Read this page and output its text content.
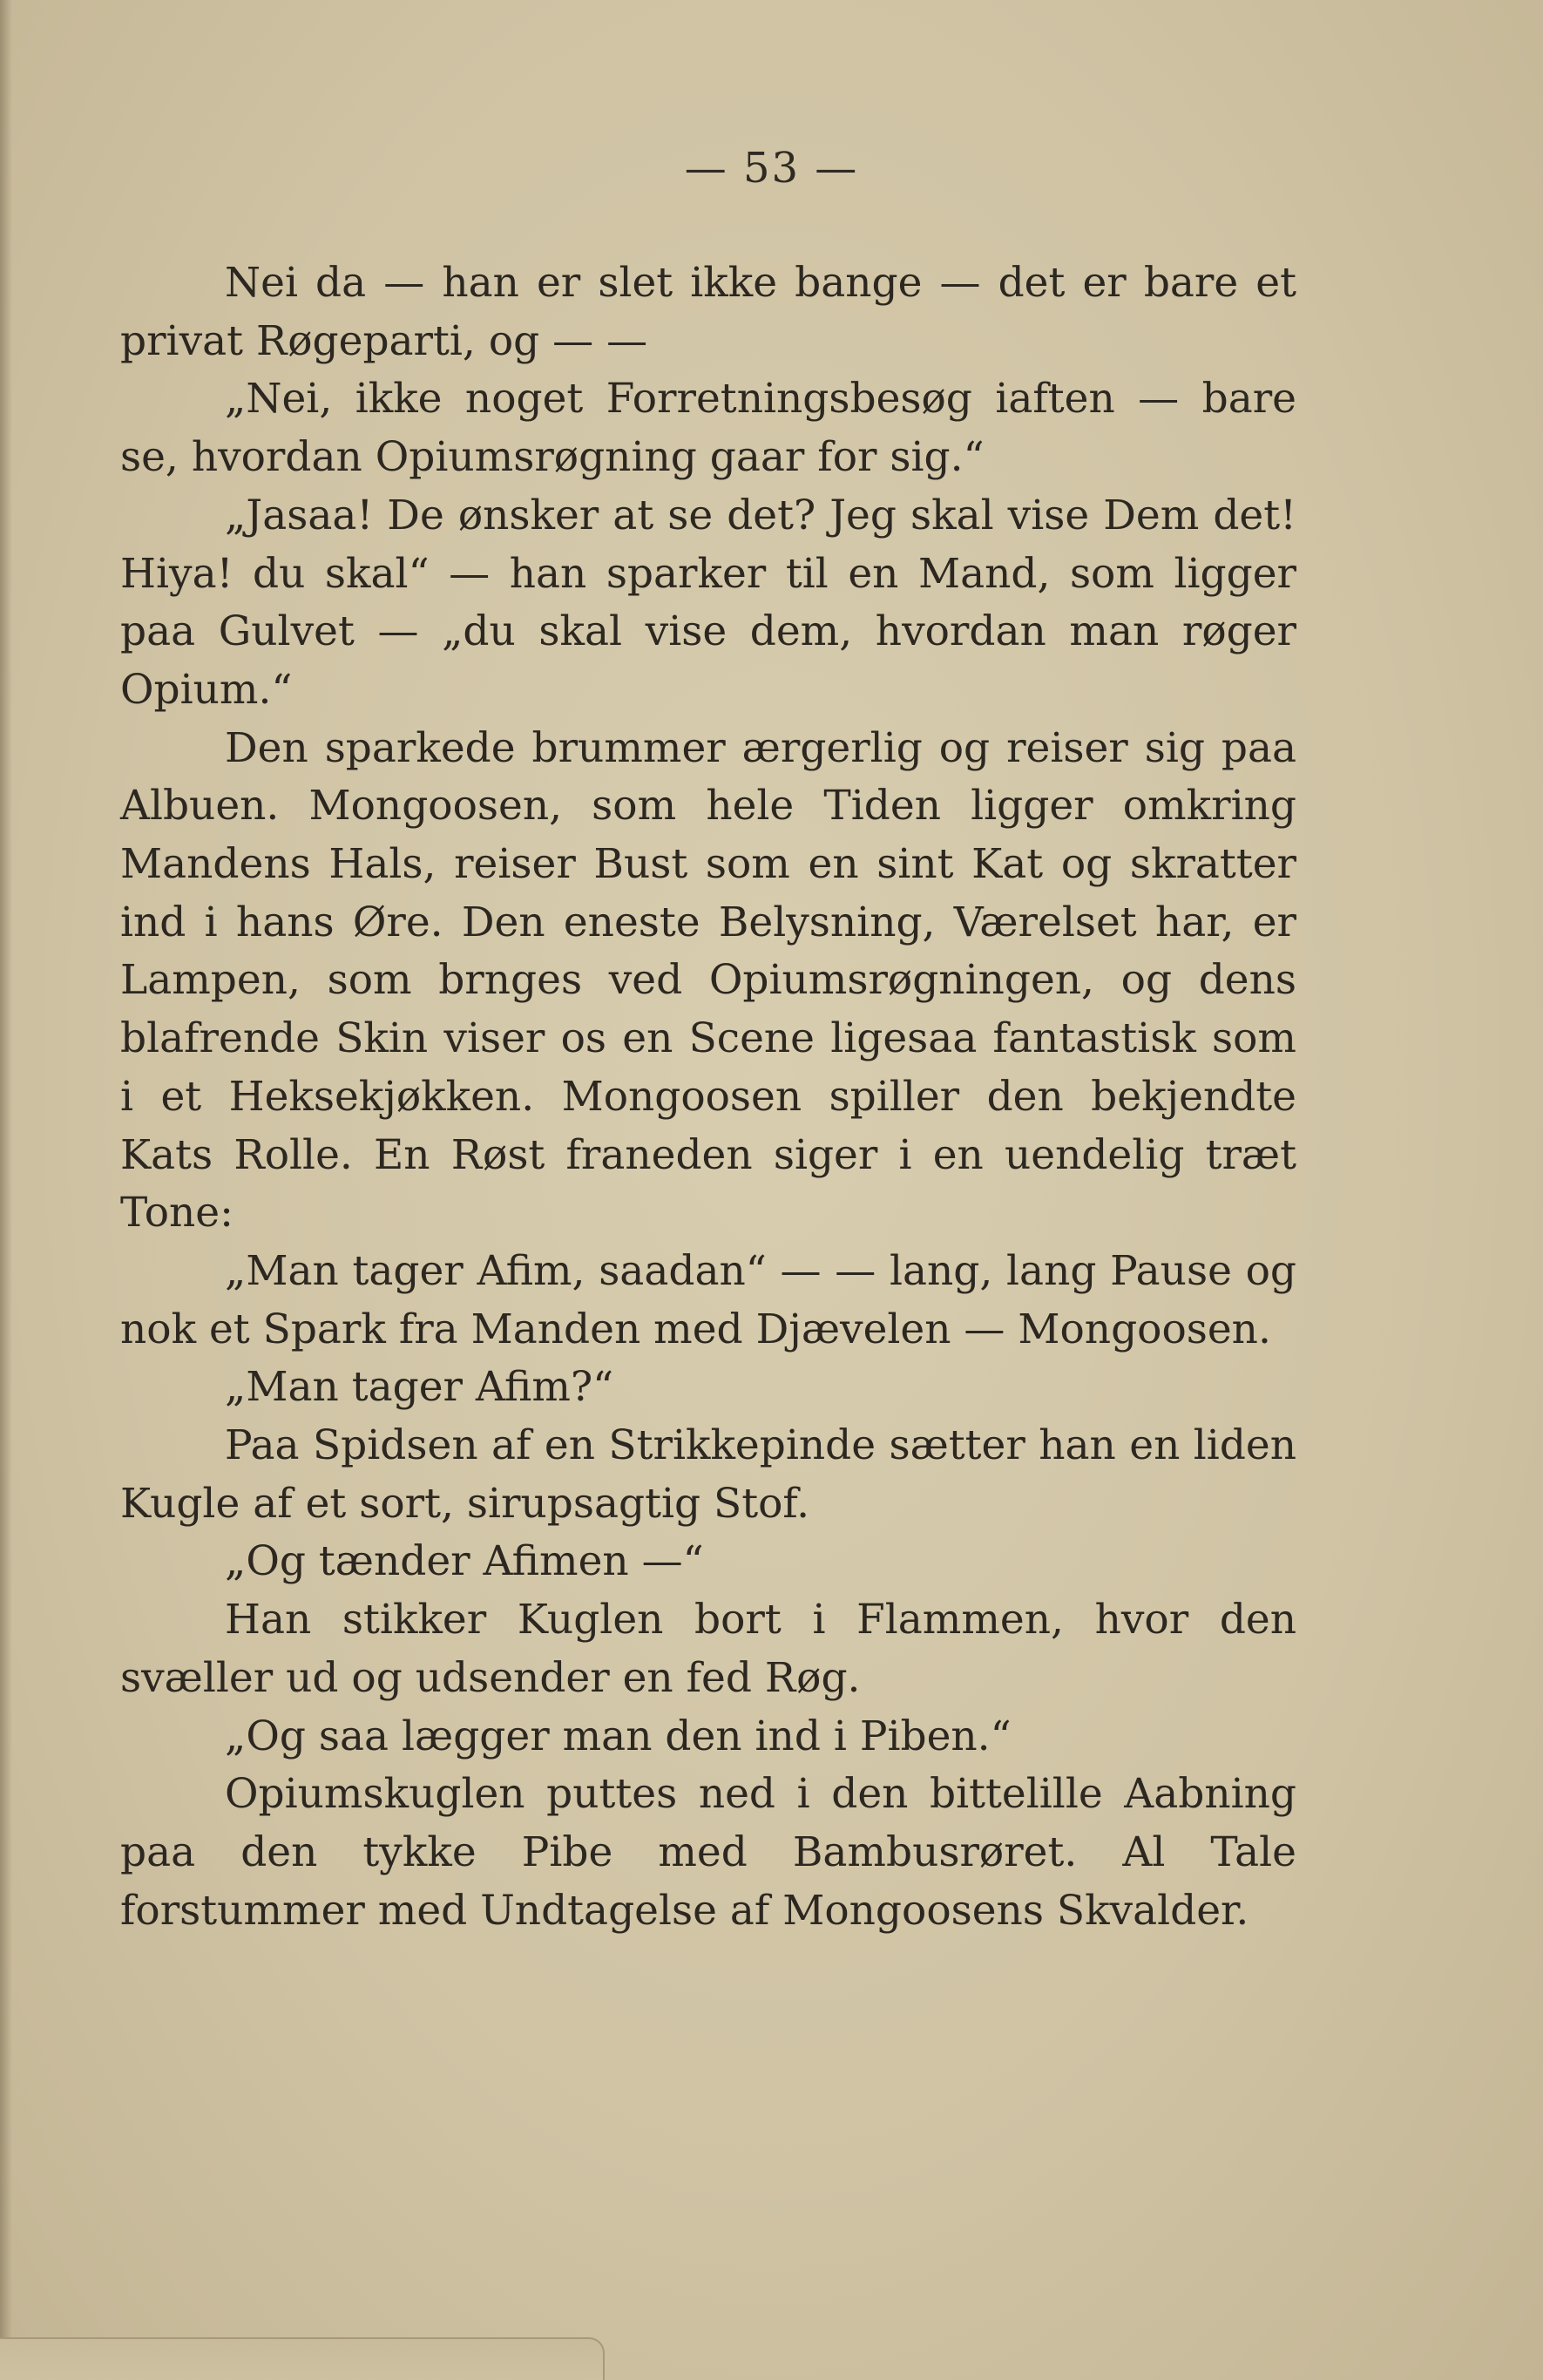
— 53 —

Nei da — han er slet ikke bange — det er bare et privat Røgeparti, og — —

„Nei, ikke noget Forretningsbesøg iaften — bare se, hvordan Opiumsrøgning gaar for sig.“

„Jasaa! De ønsker at se det? Jeg skal vise Dem det! Hiya! du skal“ — han sparker til en Mand, som ligger paa Gulvet — „du skal vise dem, hvordan man røger Opium.“

Den sparkede brummer ærgerlig og reiser sig paa Albuen. Mongoosen, som hele Tiden ligger omkring Mandens Hals, reiser Bust som en sint Kat og skratter ind i hans Øre. Den eneste Belysning, Værelset har, er Lampen, som brnges ved Opiumsrøgningen, og dens blafrende Skin viser os en Scene ligesaa fantastisk som i et Heksekjøkken. Mongoosen spiller den bekjendte Kats Rolle. En Røst franeden siger i en uendelig træt Tone:

„Man tager Afim, saadan“ — — lang, lang Pause og nok et Spark fra Manden med Djævelen — Mongoosen.

„Man tager Afim?“

Paa Spidsen af en Strikkepinde sætter han en liden Kugle af et sort, sirupsagtig Stof.

„Og tænder Afimen —“

Han stikker Kuglen bort i Flammen, hvor den svæller ud og udsender en fed Røg.

„Og saa lægger man den ind i Piben.“

Opiumskuglen puttes ned i den bittelille Aabning paa den tykke Pibe med Bambusrøret. Al Tale forstummer med Undtagelse af Mongoosens Skvalder.
